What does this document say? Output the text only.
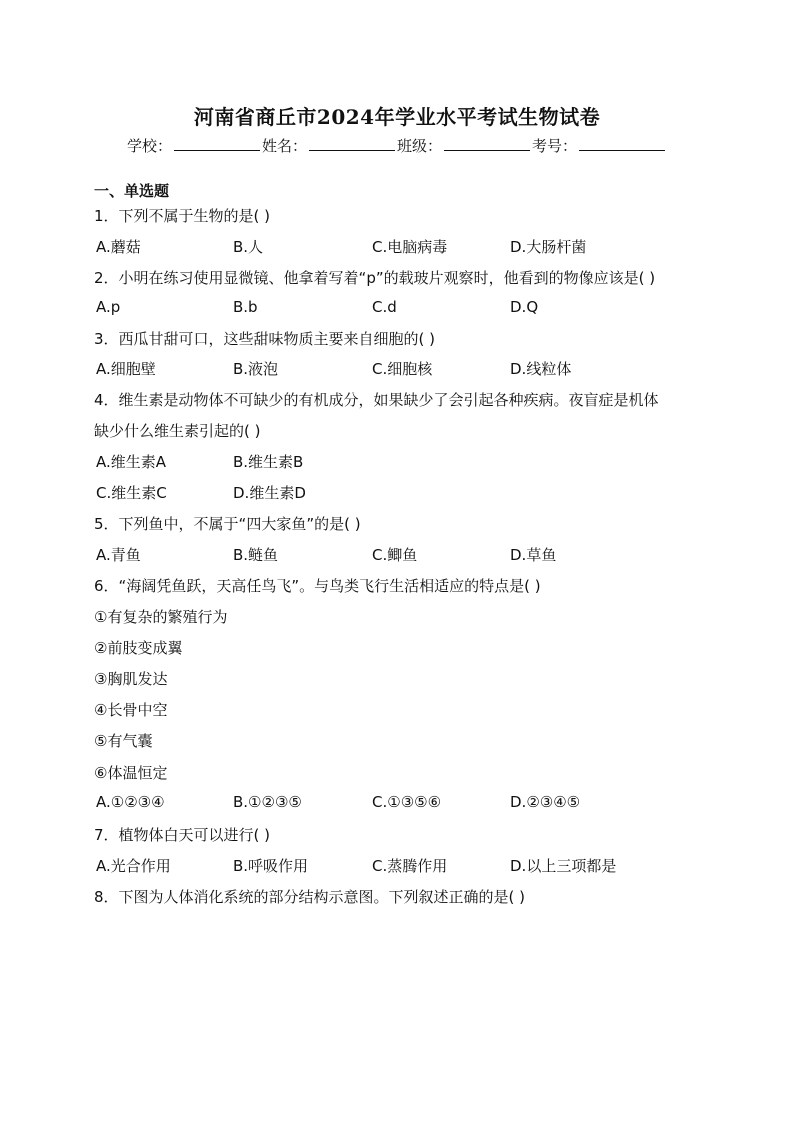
河南省商丘市2024年学业水平考试生物试卷
学校：	姓名：	班级：	考号：
一、单选题
1．下列不属于生物的是( )
A.蘑菇	B.人	C.电脑病毒	D.大肠杆菌
2．小明在练习使用显微镜、他拿着写着“p”的载玻片观察时，他看到的物像应该是( )
A.p	B.b	C.d	D.Q
3．西瓜甘甜可口，这些甜味物质主要来自细胞的( )
A.细胞壁	B.液泡	C.细胞核	D.线粒体
4．维生素是动物体不可缺少的有机成分，如果缺少了会引起各种疾病。夜盲症是机体
缺少什么维生素引起的( )
A.维生素A	B.维生素B
C.维生素C	D.维生素D
5．下列鱼中，不属于“四大家鱼”的是( )
A.青鱼	B.鲢鱼	C.鲫鱼	D.草鱼
6．“海阔凭鱼跃，天高任鸟飞”。与鸟类飞行生活相适应的特点是( )
①有复杂的繁殖行为
②前肢变成翼
③胸肌发达
④长骨中空
⑤有气囊
⑥体温恒定
A.①②③④	B.①②③⑤	C.①③⑤⑥	D.②③④⑤
7．植物体白天可以进行( )
A.光合作用	B.呼吸作用	C.蒸腾作用	D.以上三项都是
8．下图为人体消化系统的部分结构示意图。下列叙述正确的是( )
